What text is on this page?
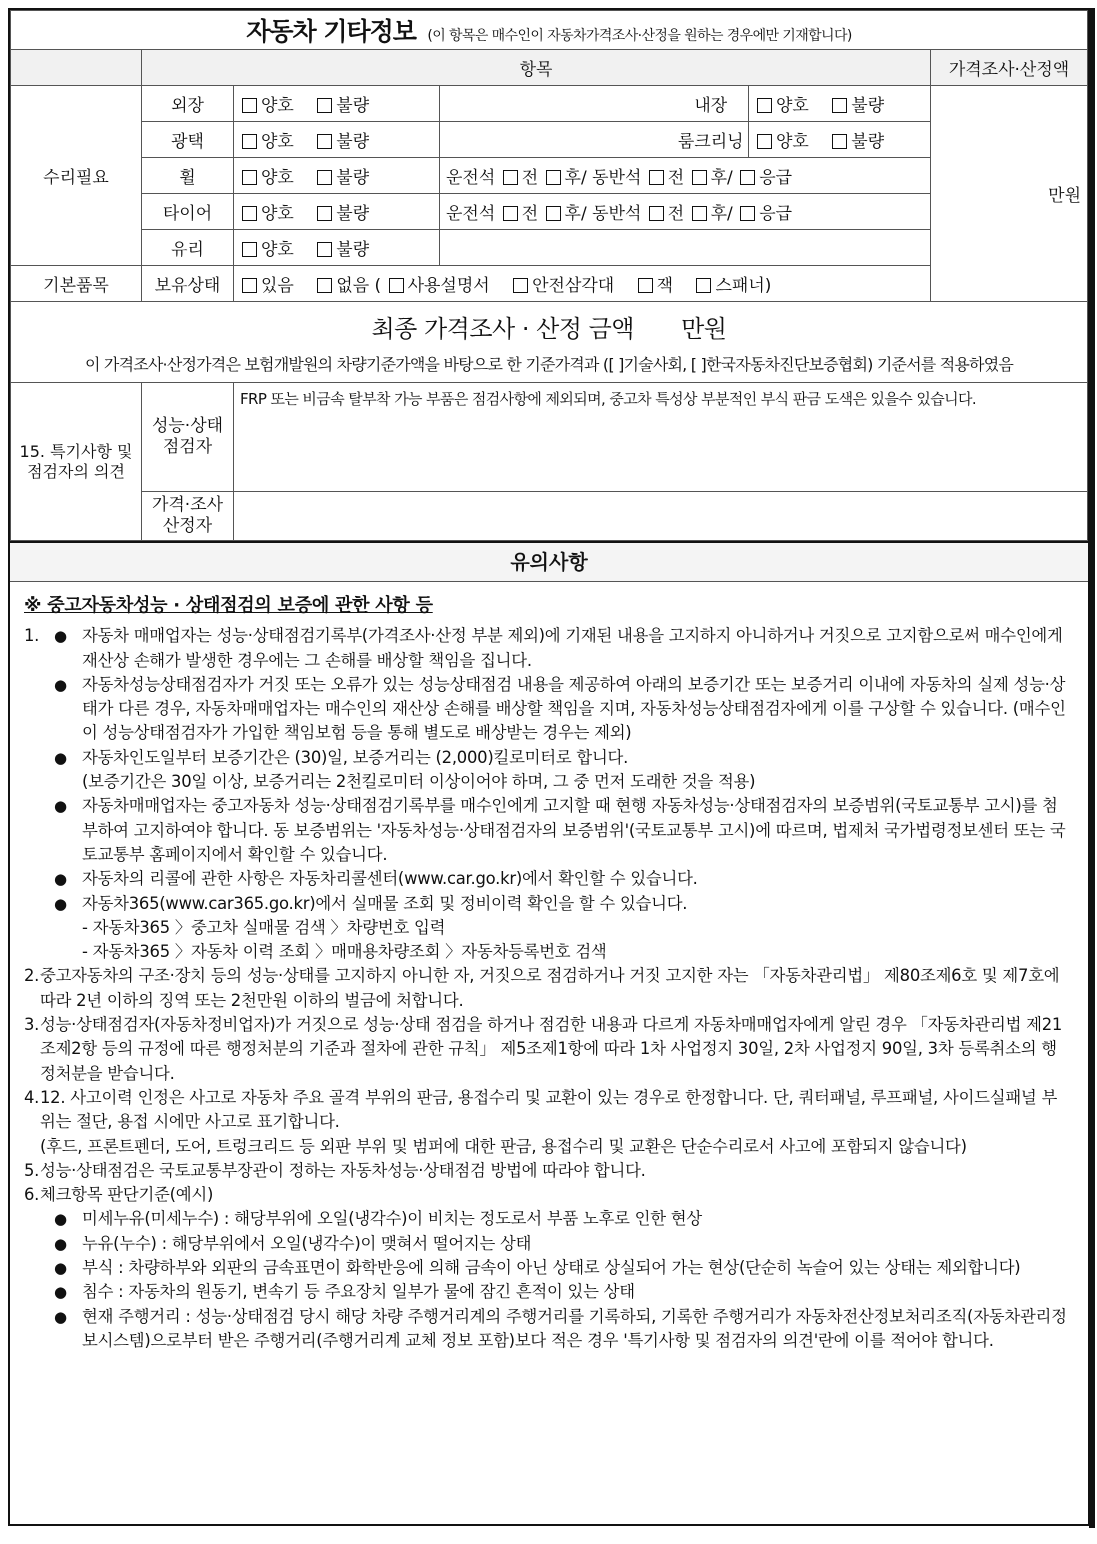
자동차 기타정보 (이 항목은 매수인이 자동차가격조사·산정을 원하는 경우에만 기재합니다)						
	항목					가격조사·산정액
수리필요	외장	양호 불량		내장	양호 불량	만원

	광택	양호 불량		룸크리닝	양호 불량	
	휠	양호 불량	운전석 전 후/ 동반석 전 후/ 응급			
	타이어	양호 불량	운전석 전 후/ 동반석 전 후/ 응급			
	유리	양호 불량				
기본품목	보유상태	있음 없음 ( 사용설명서 안전삼각대 잭 스패너)				

최종 가격조사 · 산정 금액 만원
이 가격조사·산정가격은 보험개발원의 차량기준가액을 바탕으로 한 기준가격과 ([ ]기술사회, [ ]한국자동차진단보증협회) 기준서를 적용하였음						
15. 특기사항 및 점검자의 의견	성능·상태 점검자	FRP 또는 비금속 탈부착 가능 부품은 점검사항에 제외되며, 중고차 특성상 부분적인 부식 판금 도색은 있을수 있습니다.
	가격·조사 산정자	
유의사항
※ 중고자동차성능 · 상태점검의 보증에 관한 사항 등
1. ● 자동차 매매업자는 성능·상태점검기록부(가격조사·산정 부분 제외)에 기재된 내용을 고지하지 아니하거나 거짓으로 고지함으로써 매수인에게 재산상 손해가 발생한 경우에는 그 손해를 배상할 책임을 집니다.
● 자동차성능상태점검자가 거짓 또는 오류가 있는 성능상태점검 내용을 제공하여 아래의 보증기간 또는 보증거리 이내에 자동차의 실제 성능·상태가 다른 경우, 자동차매매업자는 매수인의 재산상 손해를 배상할 책임을 지며, 자동차성능상태점검자에게 이를 구상할 수 있습니다. (매수인이 성능상태점검자가 가입한 책임보험 등을 통해 별도로 배상받는 경우는 제외)
● 자동차인도일부터 보증기간은 (30)일, 보증거리는 (2,000)킬로미터로 합니다.
(보증기간은 30일 이상, 보증거리는 2천킬로미터 이상이어야 하며, 그 중 먼저 도래한 것을 적용)
● 자동차매매업자는 중고자동차 성능·상태점검기록부를 매수인에게 고지할 때 현행 자동차성능·상태점검자의 보증범위(국토교통부 고시)를 첨부하여 고지하여야 합니다. 동 보증범위는 '자동차성능·상태점검자의 보증범위'(국토교통부 고시)에 따르며, 법제처 국가법령정보센터 또는 국토교통부 홈페이지에서 확인할 수 있습니다.
● 자동차의 리콜에 관한 사항은 자동차리콜센터(www.car.go.kr)에서 확인할 수 있습니다.
● 자동차365(www.car365.go.kr)에서 실매물 조회 및 정비이력 확인을 할 수 있습니다.
- 자동차365 〉중고차 실매물 검색 〉차량번호 입력
- 자동차365 〉자동차 이력 조회 〉매매용차량조회 〉자동차등록번호 검색
2. 중고자동차의 구조·장치 등의 성능·상태를 고지하지 아니한 자, 거짓으로 점검하거나 거짓 고지한 자는 「자동차관리법」 제80조제6호 및 제7호에 따라 2년 이하의 징역 또는 2천만원 이하의 벌금에 처합니다.
3. 성능·상태점검자(자동차정비업자)가 거짓으로 성능·상태 점검을 하거나 점검한 내용과 다르게 자동차매매업자에게 알린 경우 「자동차관리법 제21조제2항 등의 규정에 따른 행정처분의 기준과 절차에 관한 규칙」 제5조제1항에 따라 1차 사업정지 30일, 2차 사업정지 90일, 3차 등록취소의 행정처분을 받습니다.
4. 12. 사고이력 인정은 사고로 자동차 주요 골격 부위의 판금, 용접수리 및 교환이 있는 경우로 한정합니다. 단, 쿼터패널, 루프패널, 사이드실패널 부위는 절단, 용접 시에만 사고로 표기합니다.
(후드, 프론트펜더, 도어, 트렁크리드 등 외판 부위 및 범퍼에 대한 판금, 용접수리 및 교환은 단순수리로서 사고에 포함되지 않습니다)
5. 성능·상태점검은 국토교통부장관이 정하는 자동차성능·상태점검 방법에 따라야 합니다.
6. 체크항목 판단기준(예시)
● 미세누유(미세누수) : 해당부위에 오일(냉각수)이 비치는 정도로서 부품 노후로 인한 현상
● 누유(누수) : 해당부위에서 오일(냉각수)이 맺혀서 떨어지는 상태
● 부식 : 차량하부와 외판의 금속표면이 화학반응에 의해 금속이 아닌 상태로 상실되어 가는 현상(단순히 녹슬어 있는 상태는 제외합니다)
● 침수 : 자동차의 원동기, 변속기 등 주요장치 일부가 물에 잠긴 흔적이 있는 상태
● 현재 주행거리 : 성능·상태점검 당시 해당 차량 주행거리계의 주행거리를 기록하되, 기록한 주행거리가 자동차전산정보처리조직(자동차관리정보시스템)으로부터 받은 주행거리(주행거리계 교체 정보 포함)보다 적은 경우 '특기사항 및 점검자의 의견'란에 이를 적어야 합니다.
